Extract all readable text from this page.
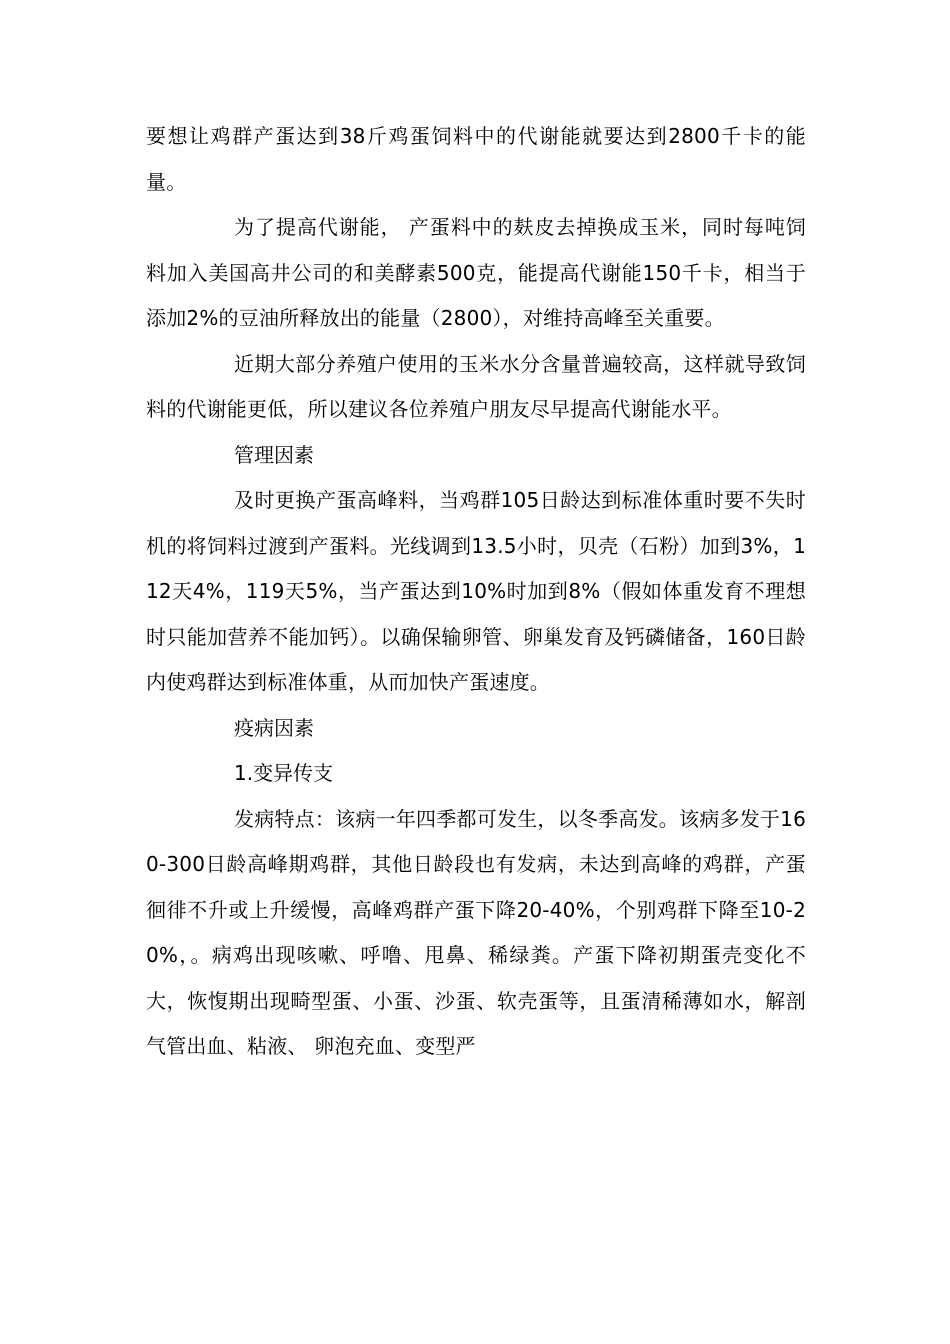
要想让鸡群产蛋达到38斤鸡蛋饲料中的代谢能就要达到2800千卡的能量。

为了提高代谢能， 产蛋料中的麸皮去掉换成玉米，同时每吨饲料加入美国高井公司的和美酵素500克，能提高代谢能150千卡，相当于添加2%的豆油所释放出的能量（2800），对维持高峰至关重要。

近期大部分养殖户使用的玉米水分含量普遍较高，这样就导致饲料的代谢能更低，所以建议各位养殖户朋友尽早提高代谢能水平。

管理因素

及时更换产蛋高峰料，当鸡群105日龄达到标准体重时要不失时机的将饲料过渡到产蛋料。光线调到13.5小时，贝壳（石粉）加到3%，112天4%，119天5%，当产蛋达到10%时加到8%（假如体重发育不理想时只能加营养不能加钙）。以确保输卵管、卵巢发育及钙磷储备，160日龄内使鸡群达到标准体重，从而加快产蛋速度。

疫病因素

1.变异传支

发病特点：该病一年四季都可发生，以冬季高发。该病多发于160-300日龄高峰期鸡群，其他日龄段也有发病，未达到高峰的鸡群，产蛋徊徘不升或上升缓慢，高峰鸡群产蛋下降20-40%，个别鸡群下降至10-20%，。病鸡出现咳嗽、呼噜、甩鼻、稀绿粪。产蛋下降初期蛋壳变化不大，恢愎期出现畸型蛋、小蛋、沙蛋、软壳蛋等，且蛋清稀薄如水，解剖气管出血、粘液、 卵泡充血、变型严
